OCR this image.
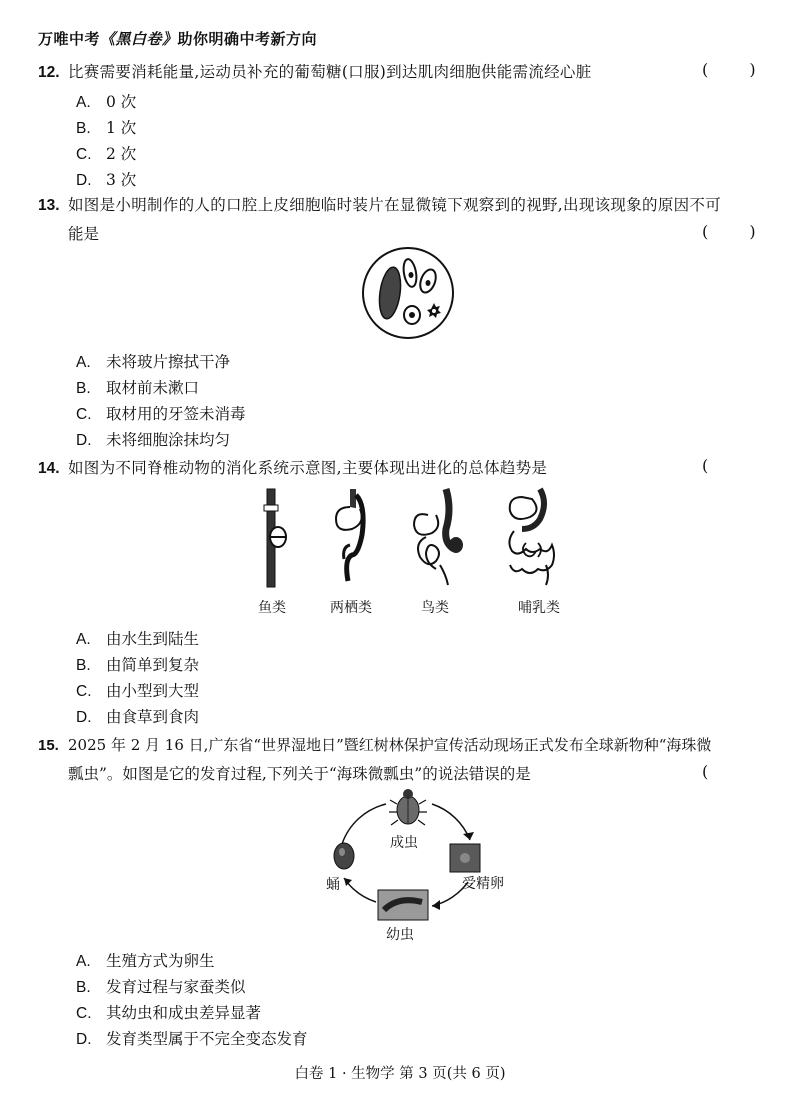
万唯中考《黑白卷》助你明确中考新方向
12. 比赛需要消耗能量,运动员补充的葡萄糖(口服)到达肌肉细胞供能需流经心脏	( )
A. 0 次
B. 1 次
C. 2 次
D. 3 次
13. 如图是小明制作的人的口腔上皮细胞临时装片在显微镜下观察到的视野,出现该现象的原因不可
能是	( )
A. 未将玻片擦拭干净
B. 取材前未漱口
C. 取材用的牙签未消毒
D. 未将细胞涂抹均匀
14. 如图为不同脊椎动物的消化系统示意图,主要体现出进化的总体趋势是	(
鱼类	两栖类	鸟类	哺乳类
A. 由水生到陆生
B. 由简单到复杂
C. 由小型到大型
D. 由食草到食肉
15. 2025 年 2 月 16 日,广东省“世界湿地日”暨红树林保护宣传活动现场正式发布全球新物种“海珠微
瓢虫”。如图是它的发育过程,下列关于“海珠微瓢虫”的说法错误的是	(
成虫
受精卵
幼虫
蛹
A. 生殖方式为卵生
B. 发育过程与家蚕类似
C. 其幼虫和成虫差异显著
D. 发育类型属于不完全变态发育
白卷 1 · 生物学 第 3 页(共 6 页)
